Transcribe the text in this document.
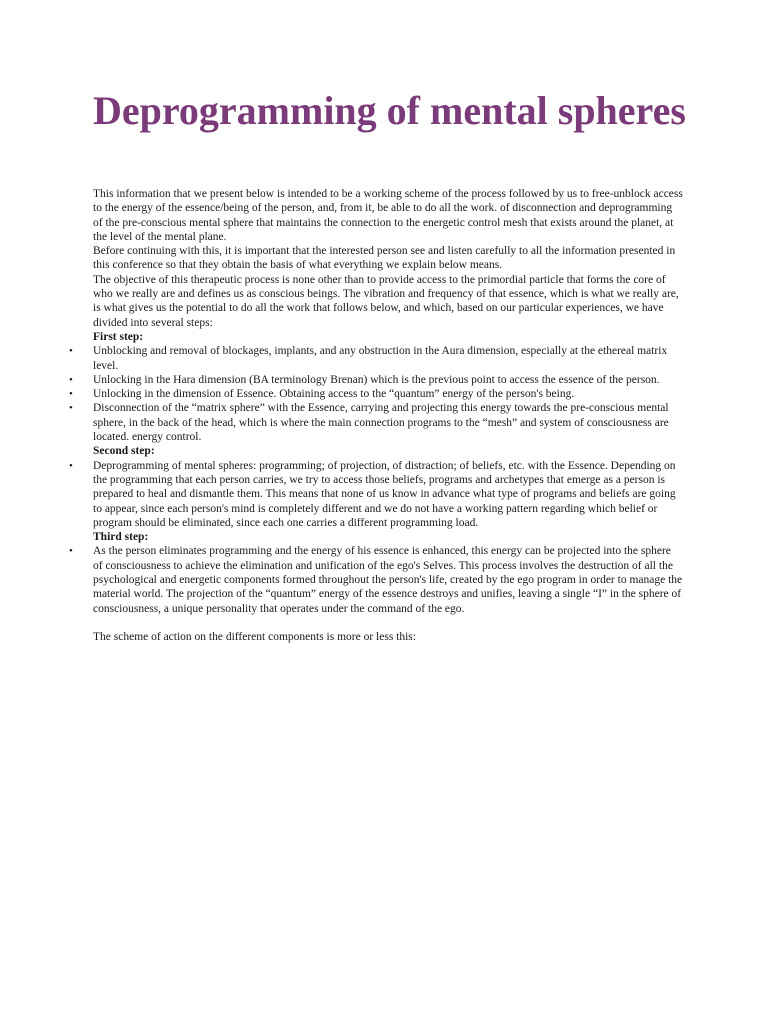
Deprogramming of mental spheres

This information that we present below is intended to be a working scheme of the process followed by us to free-unblock access to the energy of the essence/being of the person, and, from it, be able to do all the work. of disconnection and deprogramming of the pre-conscious mental sphere that maintains the connection to the energetic control mesh that exists around the planet, at the level of the mental plane.

Before continuing with this, it is important that the interested person see and listen carefully to all the information presented in this conference so that they obtain the basis of what everything we explain below means.

The objective of this therapeutic process is none other than to provide access to the primordial particle that forms the core of who we really are and defines us as conscious beings. The vibration and frequency of that essence, which is what we really are, is what gives us the potential to do all the work that follows below, and which, based on our particular experiences, we have divided into several steps:

First step:

• Unblocking and removal of blockages, implants, and any obstruction in the Aura dimension, especially at the ethereal matrix level.
• Unlocking in the Hara dimension (BA terminology Brenan) which is the previous point to access the essence of the person.
• Unlocking in the dimension of Essence. Obtaining access to the “quantum” energy of the person's being.
• Disconnection of the “matrix sphere” with the Essence, carrying and projecting this energy towards the pre-conscious mental sphere, in the back of the head, which is where the main connection programs to the “mesh” and system of consciousness are located. energy control.

Second step:

• Deprogramming of mental spheres: programming; of projection, of distraction; of beliefs, etc. with the Essence. Depending on the programming that each person carries, we try to access those beliefs, programs and archetypes that emerge as a person is prepared to heal and dismantle them. This means that none of us know in advance what type of programs and beliefs are going to appear, since each person's mind is completely different and we do not have a working pattern regarding which belief or program should be eliminated, since each one carries a different programming load.

Third step:

• As the person eliminates programming and the energy of his essence is enhanced, this energy can be projected into the sphere of consciousness to achieve the elimination and unification of the ego's Selves. This process involves the destruction of all the psychological and energetic components formed throughout the person's life, created by the ego program in order to manage the material world. The projection of the “quantum” energy of the essence destroys and unifies, leaving a single “I” in the sphere of consciousness, a unique personality that operates under the command of the ego.

The scheme of action on the different components is more or less this:
